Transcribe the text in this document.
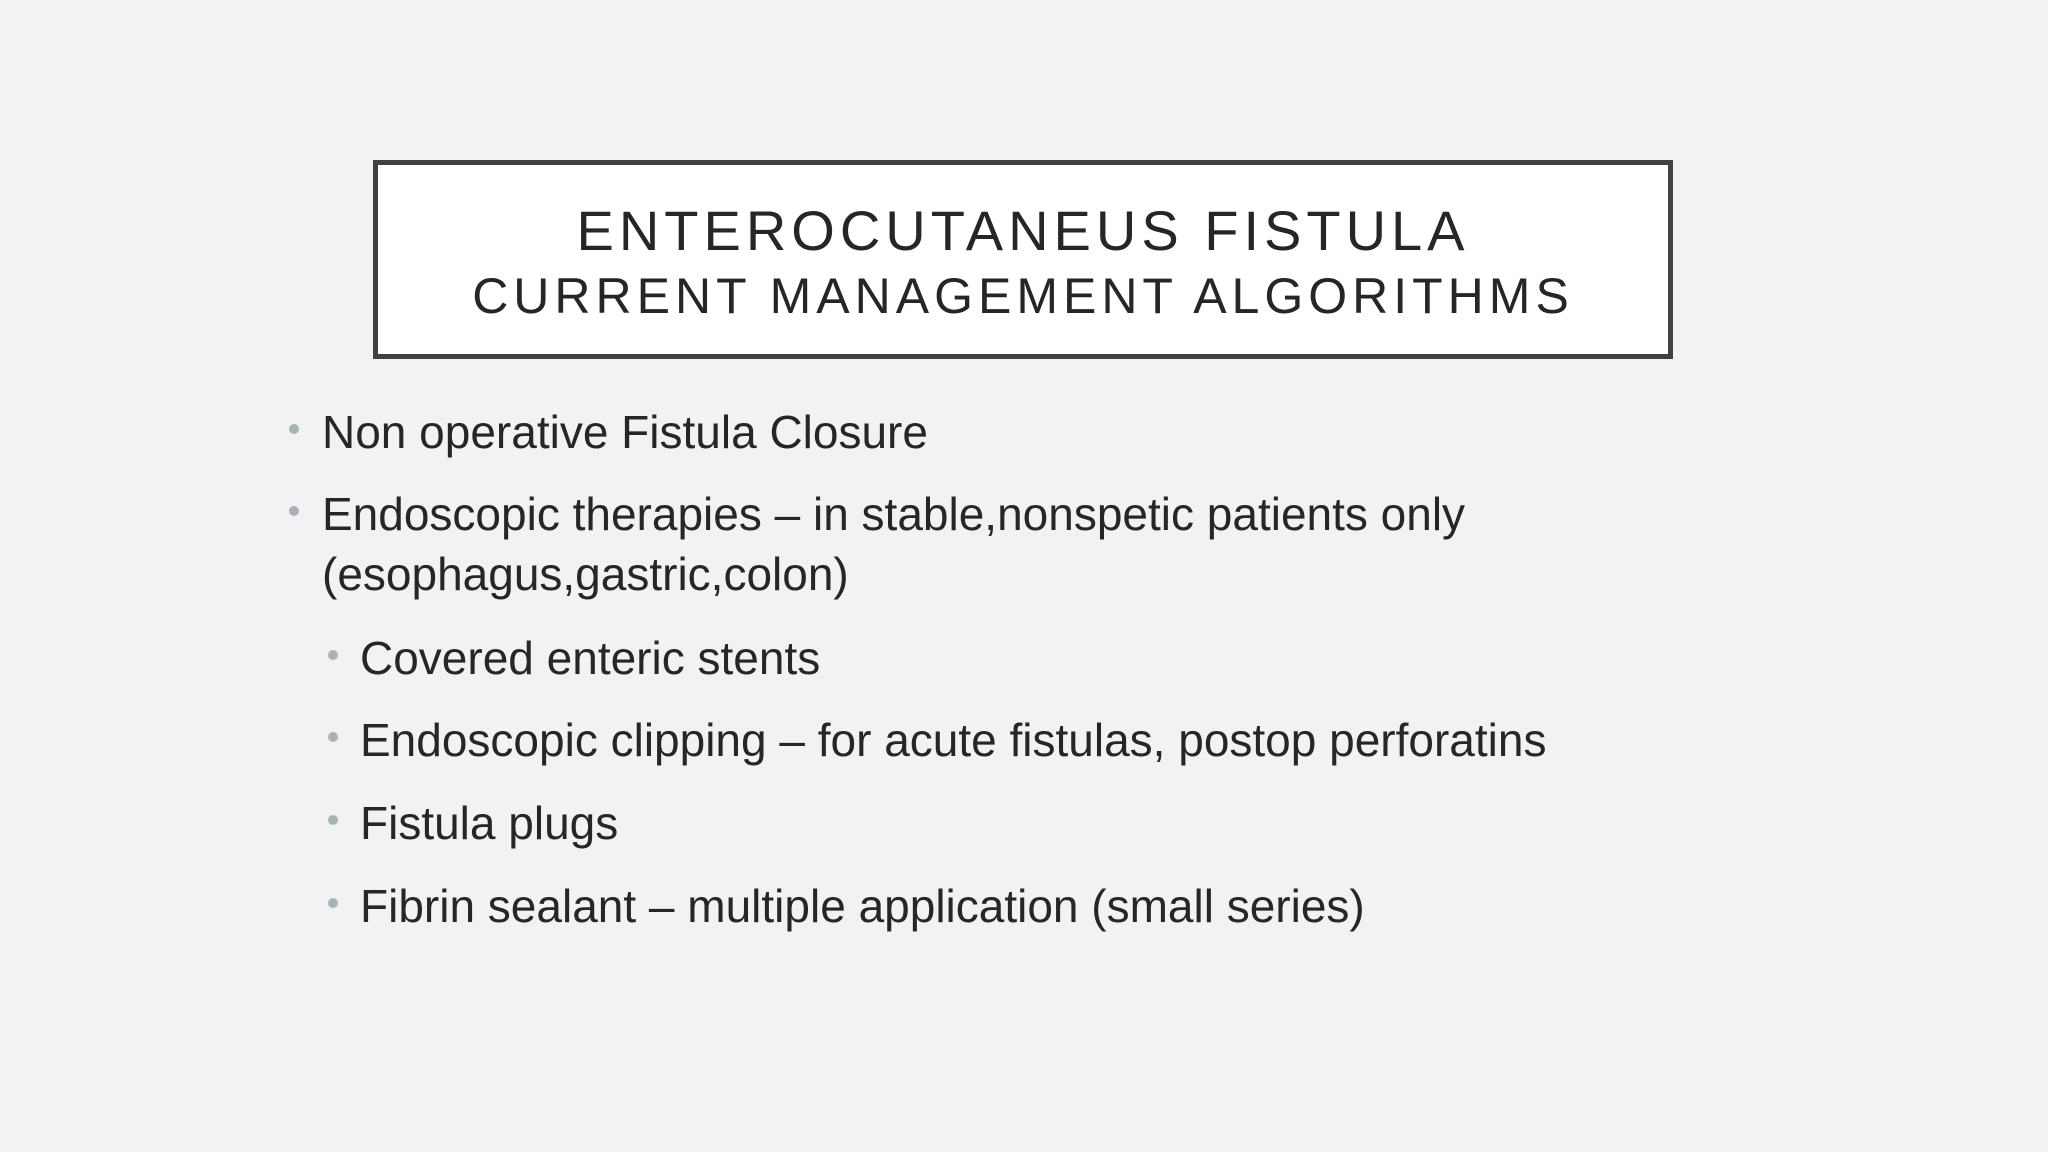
ENTEROCUTANEUS FISTULA
CURRENT MANAGEMENT ALGORITHMS
Non operative Fistula Closure
Endoscopic therapies – in stable,nonspetic patients only
(esophagus,gastric,colon)
Covered enteric stents
Endoscopic clipping – for acute fistulas, postop perforatins
Fistula plugs
Fibrin sealant – multiple application (small series)
